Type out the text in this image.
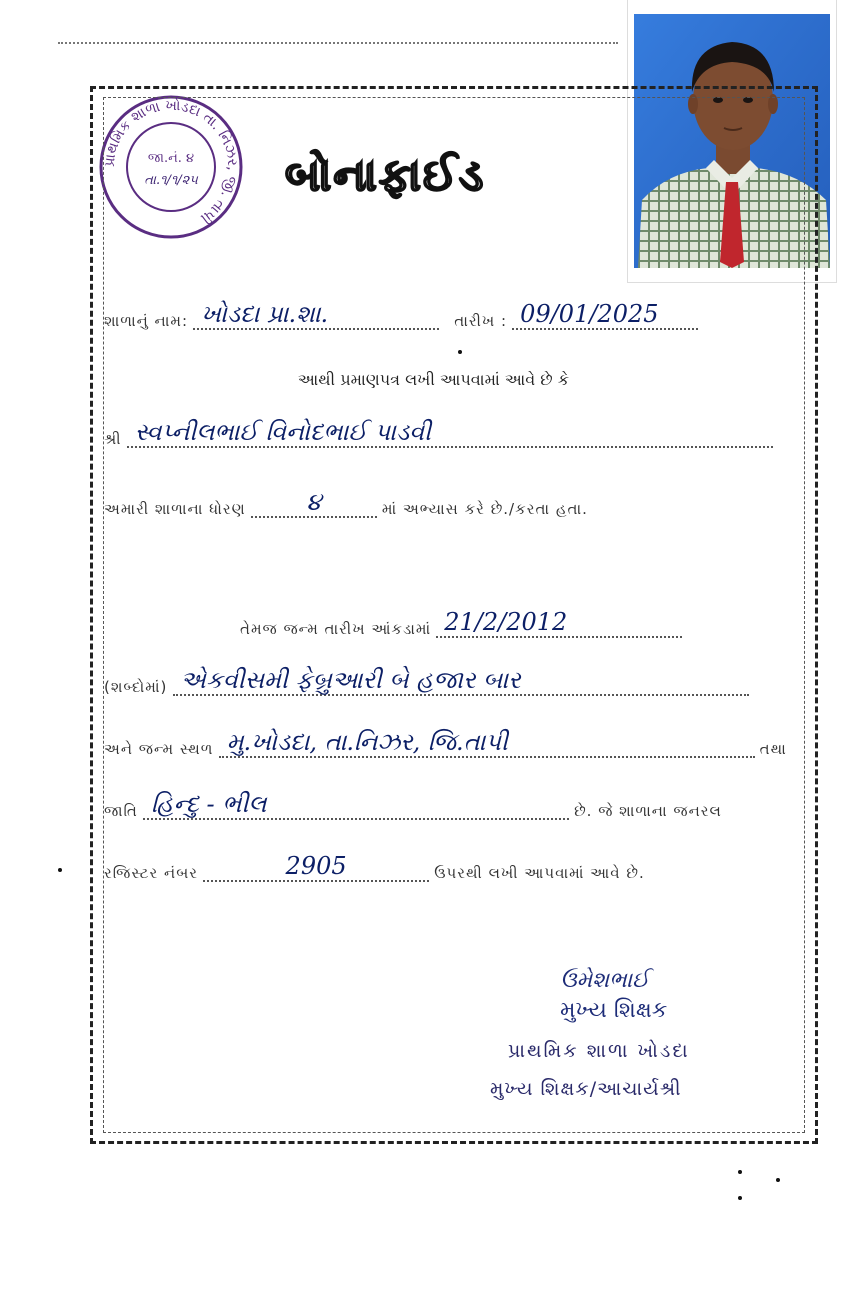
પ્રાથમિક શાળા ખોડદા તા. નિઝર, જી. તાપી
જા.નં. ૪
તા.૧/૧/૨૫ બોનાફાઈડ
શાળાનું નામ: ખોડદા પ્રા.શા.	તારીખ : 09/01/2025
આથી પ્રમાણપત્ર લખી આપવામાં આવે છે કે
શ્રી સ્વપ્નીલભાઈ વિનોદભાઈ પાડવી
અમારી શાળાના ધોરણ	૪	માં અભ્યાસ કરે છે./કરતા હતા.
તેમજ જન્મ તારીખ આંકડામાં 21/2/2012
(શબ્દોમાં) એકવીસમી ફેબ્રુઆરી બે હજાર બાર
અને જન્મ સ્થળ મુ.ખોડદા, તા.નિઝર, જિ.તાપી	તથા
જાતિ હિન્દુ - ભીલ	છે. જે શાળાના જનરલ
રજિસ્ટર નંબર	2905	ઉપરથી લખી આપવામાં આવે છે.
ઉમેશભાઈ
મુખ્ય શિક્ષક
પ્રાથમિક શાળા ખોડદા
મુખ્ય શિક્ષક/આચાર્યશ્રી
